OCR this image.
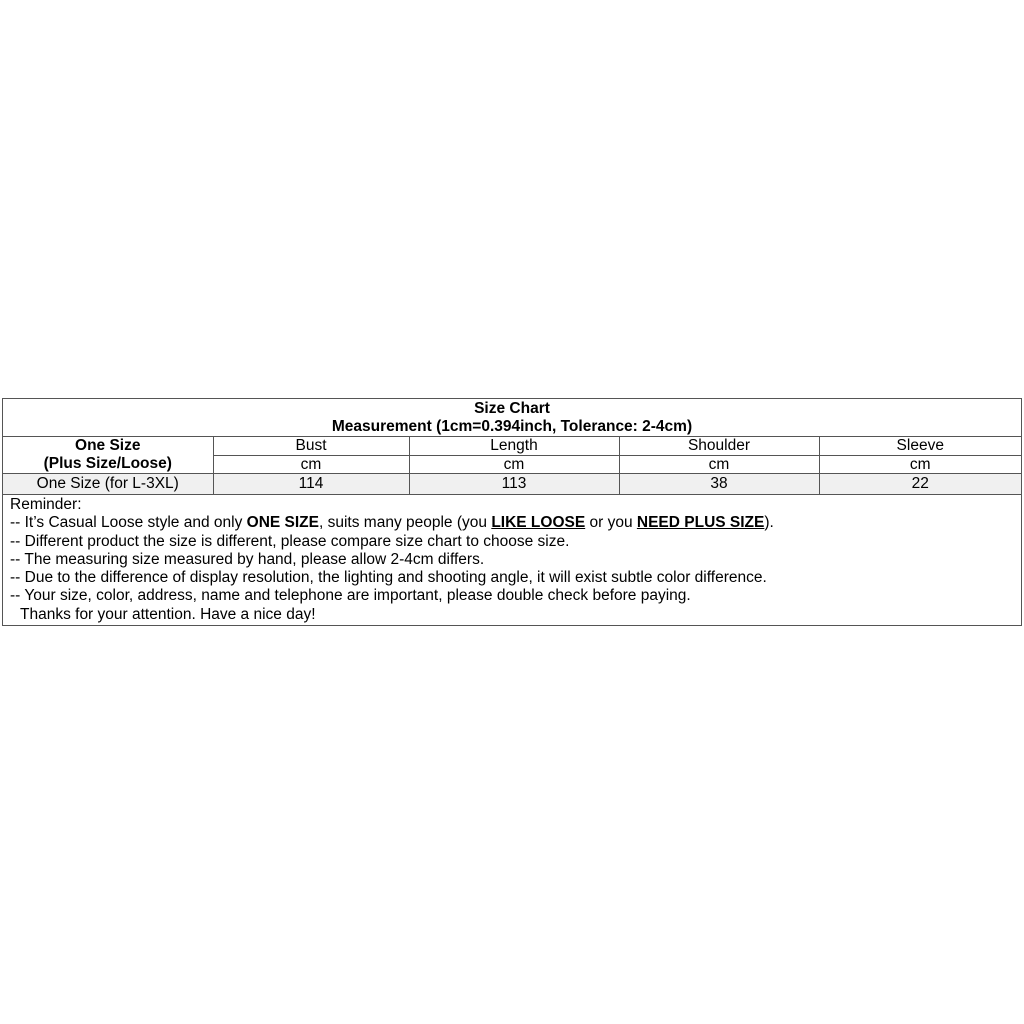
Size Chart
Measurement (1cm=0.394inch, Tolerance: 2-4cm)
One Size
(Plus Size/Loose)	Bust	Length	Shoulder	Sleeve
	cm	cm	cm	cm
One Size (for L-3XL)	114	113	38	22

Reminder:

-- It’s Casual Loose style and only ONE SIZE, suits many people (you LIKE LOOSE or you NEED PLUS SIZE).

-- Different product the size is different, please compare size chart to choose size.

-- The measuring size measured by hand, please allow 2-4cm differs.

-- Due to the difference of display resolution, the lighting and shooting angle, it will exist subtle color difference.

-- Your size, color, address, name and telephone are important, please double check before paying.

Thanks for your attention. Have a nice day!
